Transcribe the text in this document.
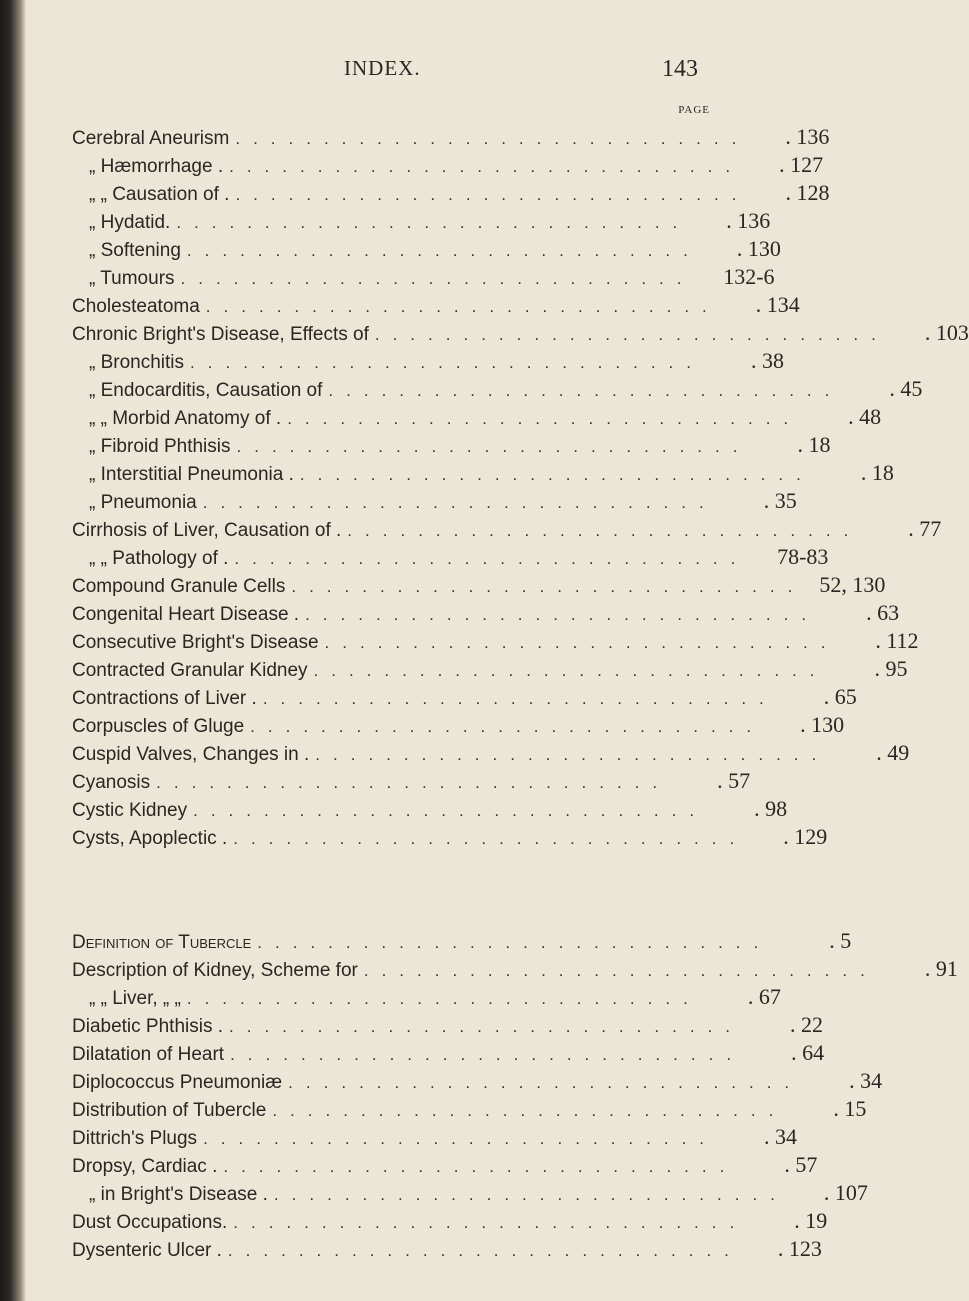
INDEX.	143
PAGE
Cerebral Aneurism .............................	. 136
„ Hæmorrhage . .............................	. 127
„ „ Causation of . .............................	. 128
„ Hydatid. .............................	. 136
„ Softening .............................	. 130
„ Tumours .............................	132-6
Cholesteatoma .............................	. 134
Chronic Bright's Disease, Effects of .............................	. 103
„ Bronchitis .............................	. 38
„ Endocarditis, Causation of .............................	. 45
„ „ Morbid Anatomy of . .............................	. 48
„ Fibroid Phthisis .............................	. 18
„ Interstitial Pneumonia . .............................	. 18
„ Pneumonia .............................	. 35
Cirrhosis of Liver, Causation of . .............................	. 77
„ „ Pathology of . .............................	78-83
Compound Granule Cells ............................. 52, 130
Congenital Heart Disease . .............................	. 63
Consecutive Bright's Disease .............................	. 112
Contracted Granular Kidney .............................	. 95
Contractions of Liver . .............................	. 65
Corpuscles of Gluge .............................	. 130
Cuspid Valves, Changes in . .............................	. 49
Cyanosis .............................	. 57
Cystic Kidney .............................	. 98
Cysts, Apoplectic . .............................	. 129
Definition of Tubercle .............................	. 5
Description of Kidney, Scheme for .............................	. 91
„ „ Liver, „ „ .............................	. 67
Diabetic Phthisis . .............................	. 22
Dilatation of Heart .............................	. 64
Diplococcus Pneumoniæ .............................	. 34
Distribution of Tubercle .............................	. 15
Dittrich's Plugs .............................	. 34
Dropsy, Cardiac . .............................	. 57
„ in Bright's Disease . .............................	. 107
Dust Occupations. .............................	. 19
Dysenteric Ulcer . .............................	. 123
